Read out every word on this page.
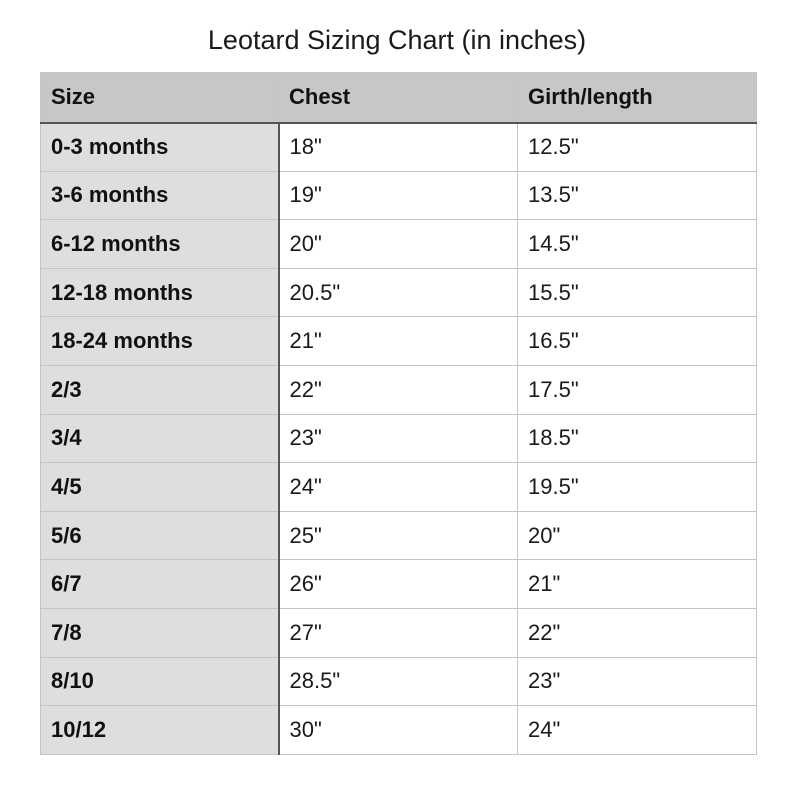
Leotard Sizing Chart (in inches)
Size	Chest	Girth/length
0-3 months	18"	12.5"
3-6 months	19"	13.5"
6-12 months	20"	14.5"
12-18 months	20.5"	15.5"
18-24 months	21"	16.5"
2/3	22"	17.5"
3/4	23"	18.5"
4/5	24"	19.5"
5/6	25"	20"
6/7	26"	21"
7/8	27"	22"
8/10	28.5"	23"
10/12	30"	24"
